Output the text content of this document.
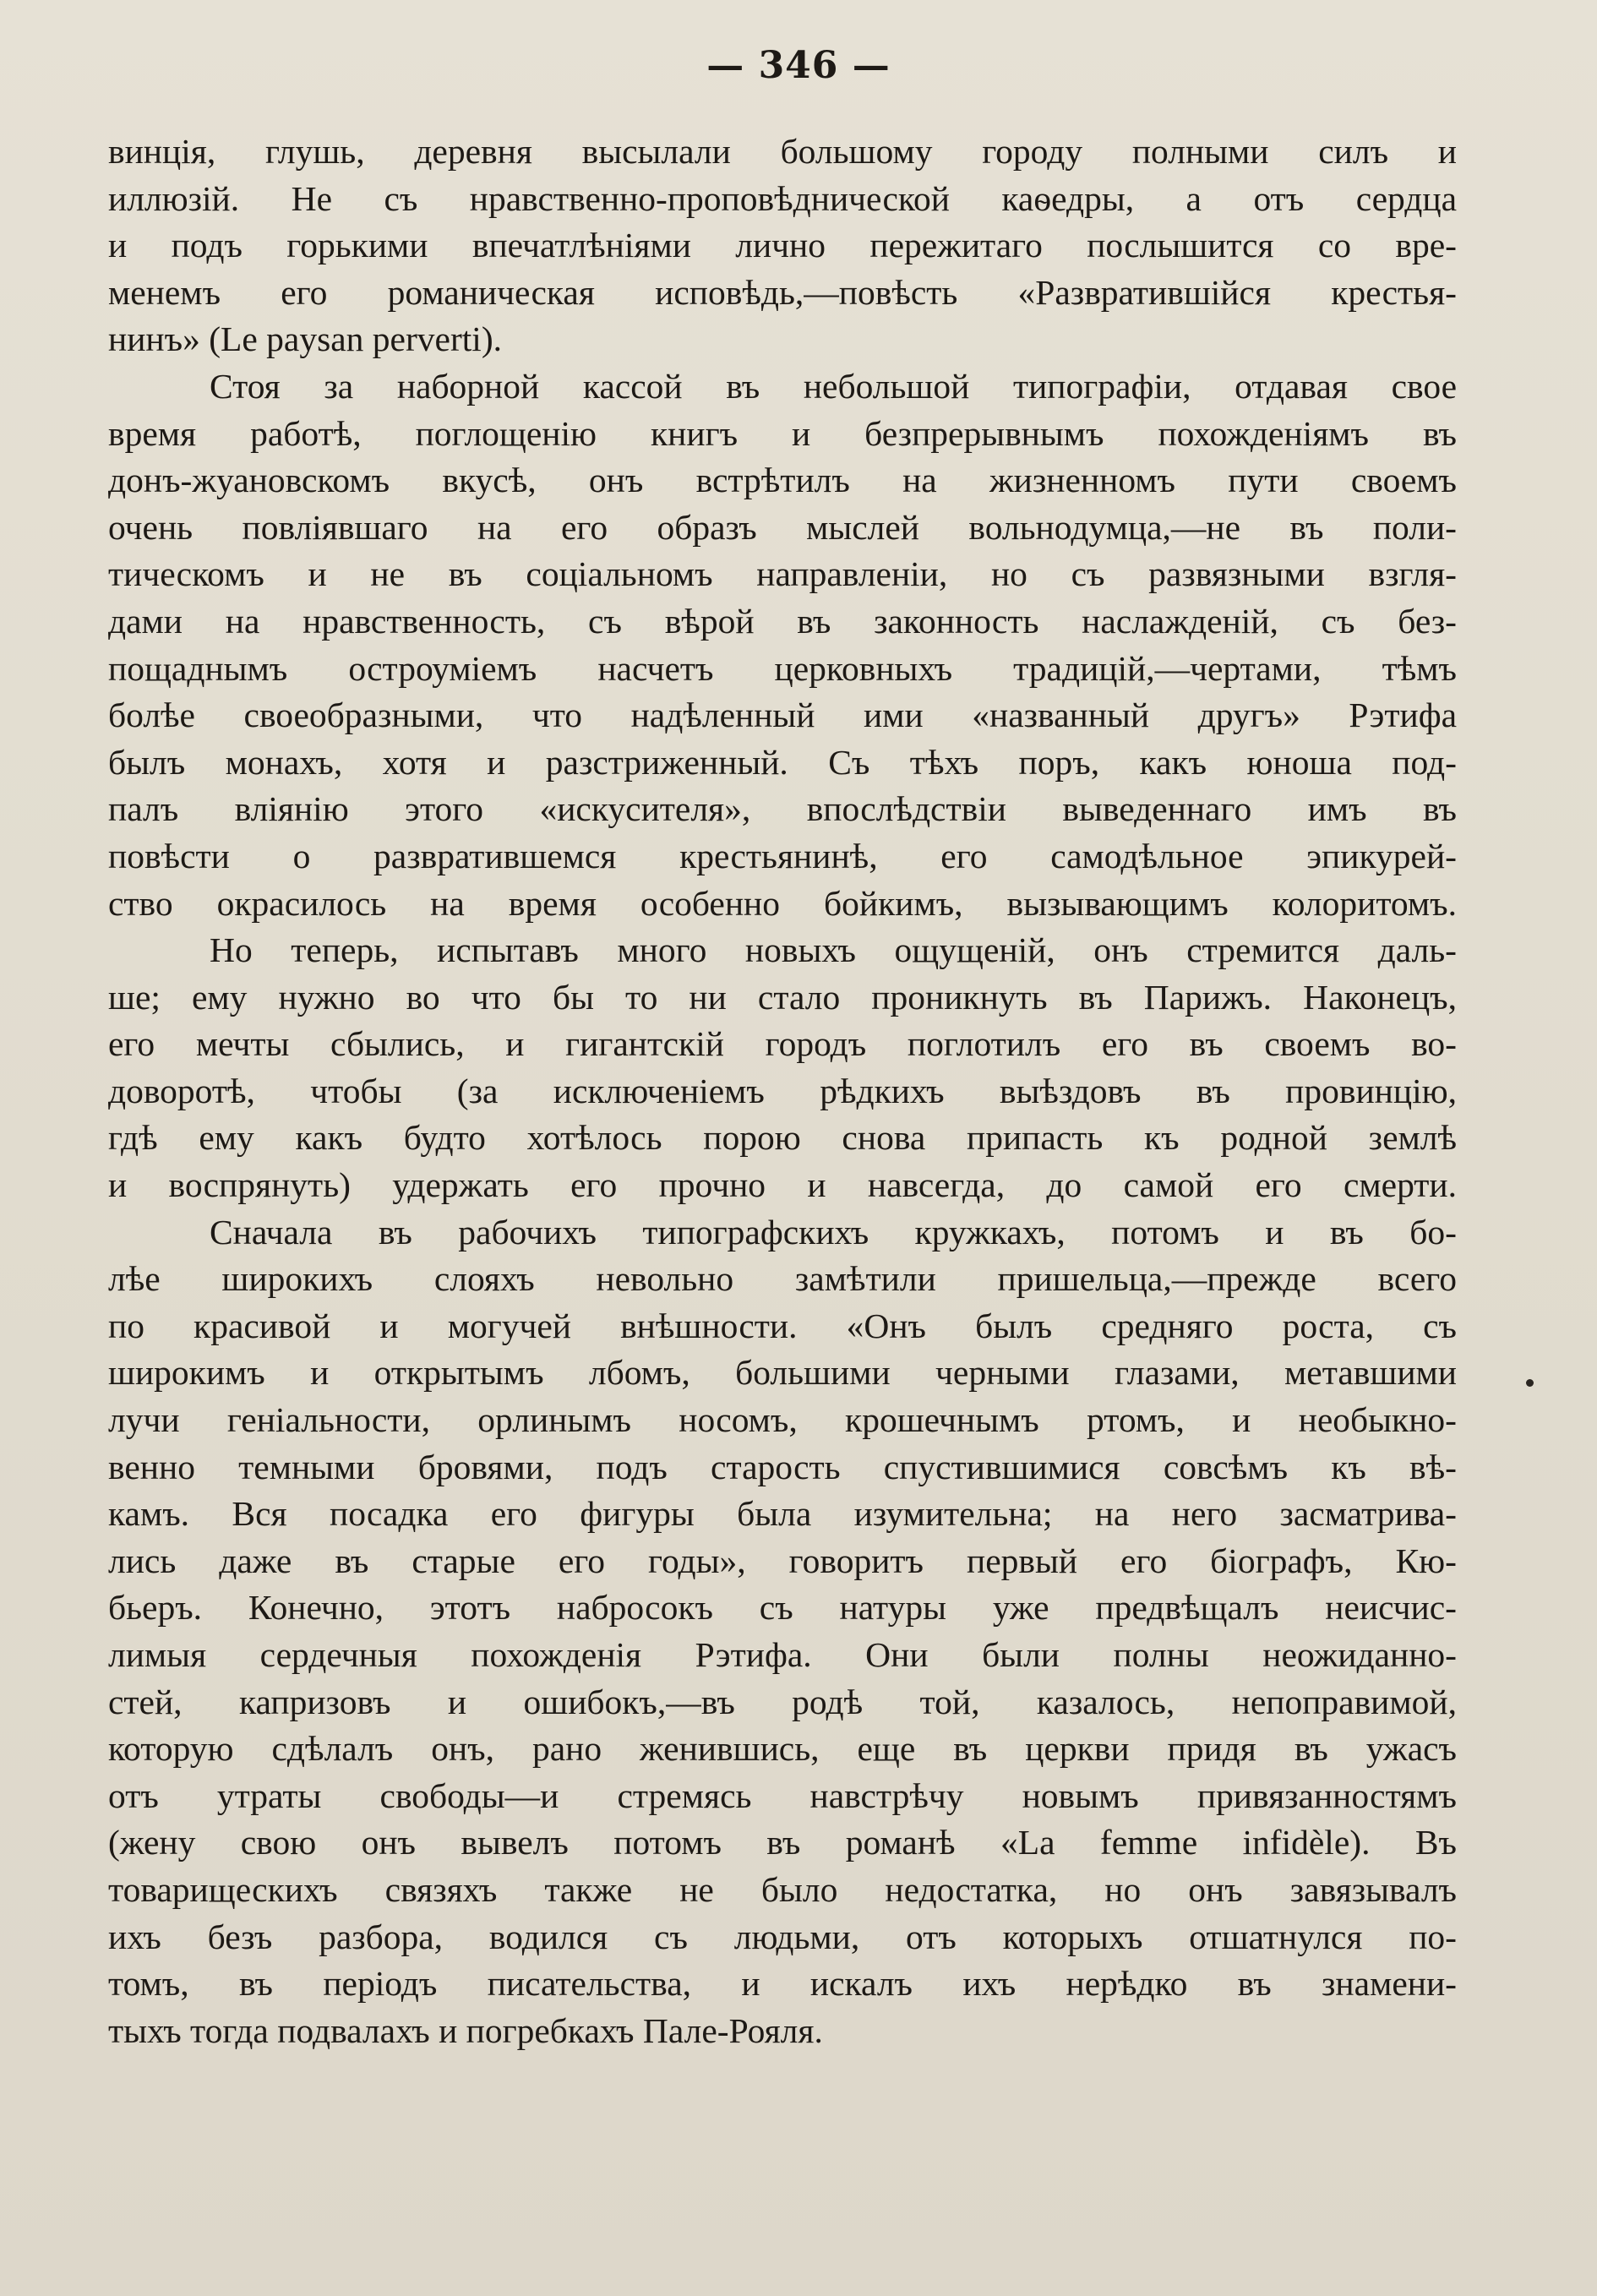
— 346 —
винція, глушь, деревня высылали большому городу полными силъ и
иллюзій. Не съ нравственно-проповѣднической каѳедры, а отъ сердца
и подъ горькими впечатлѣніями лично пережитаго послышится со вре-
менемъ его романическая исповѣдь,—повѣсть «Развратившійся крестья-
нинъ» (Le paysan perverti).
Стоя за наборной кассой въ небольшой типографіи, отдавая свое
время работѣ, поглощенію книгъ и безпрерывнымъ похожденіямъ въ
донъ-жуановскомъ вкусѣ, онъ встрѣтилъ на жизненномъ пути своемъ
очень повліявшаго на его образъ мыслей вольнодумца,—не въ поли-
тическомъ и не въ соціальномъ направленіи, но съ развязными взгля-
дами на нравственность, съ вѣрой въ законность наслажденій, съ без-
пощаднымъ остроуміемъ насчетъ церковныхъ традицій,—чертами, тѣмъ
болѣе своеобразными, что надѣленный ими «названный другъ» Рэтифа
былъ монахъ, хотя и разстриженный. Съ тѣхъ поръ, какъ юноша под-
палъ вліянію этого «искусителя», впослѣдствіи выведеннаго имъ въ
повѣсти о развратившемся крестьянинѣ, его самодѣльное эпикурей-
ство окрасилось на время особенно бойкимъ, вызывающимъ колоритомъ.
Но теперь, испытавъ много новыхъ ощущеній, онъ стремится даль-
ше; ему нужно во что бы то ни стало проникнуть въ Парижъ. Наконецъ,
его мечты сбылись, и гигантскій городъ поглотилъ его въ своемъ во-
доворотѣ, чтобы (за исключеніемъ рѣдкихъ выѣздовъ въ провинцію,
гдѣ ему какъ будто хотѣлось порою снова припасть къ родной землѣ
и воспрянуть) удержать его прочно и навсегда, до самой его смерти.
Сначала въ рабочихъ типографскихъ кружкахъ, потомъ и въ бо-
лѣе широкихъ слояхъ невольно замѣтили пришельца,—прежде всего
по красивой и могучей внѣшности. «Онъ былъ средняго роста, съ
широкимъ и открытымъ лбомъ, большими черными глазами, метавшими
лучи геніальности, орлинымъ носомъ, крошечнымъ ртомъ, и необыкно-
венно темными бровями, подъ старость спустившимися совсѣмъ къ вѣ-
камъ. Вся посадка его фигуры была изумительна; на него засматрива-
лись даже въ старые его годы», говоритъ первый его біографъ, Кю-
бьеръ. Конечно, этотъ набросокъ съ натуры уже предвѣщалъ неисчис-
лимыя сердечныя похожденія Рэтифа. Они были полны неожиданно-
стей, капризовъ и ошибокъ,—въ родѣ той, казалось, непоправимой,
которую сдѣлалъ онъ, рано женившись, еще въ церкви придя въ ужасъ
отъ утраты свободы—и стремясь навстрѣчу новымъ привязанностямъ
(жену свою онъ вывелъ потомъ въ романѣ «La femme infidèle). Въ
товарищескихъ связяхъ также не было недостатка, но онъ завязывалъ
ихъ безъ разбора, водился съ людьми, отъ которыхъ отшатнулся по-
томъ, въ періодъ писательства, и искалъ ихъ нерѣдко въ знамени-
тыхъ тогда подвалахъ и погребкахъ Пале-Рояля.
